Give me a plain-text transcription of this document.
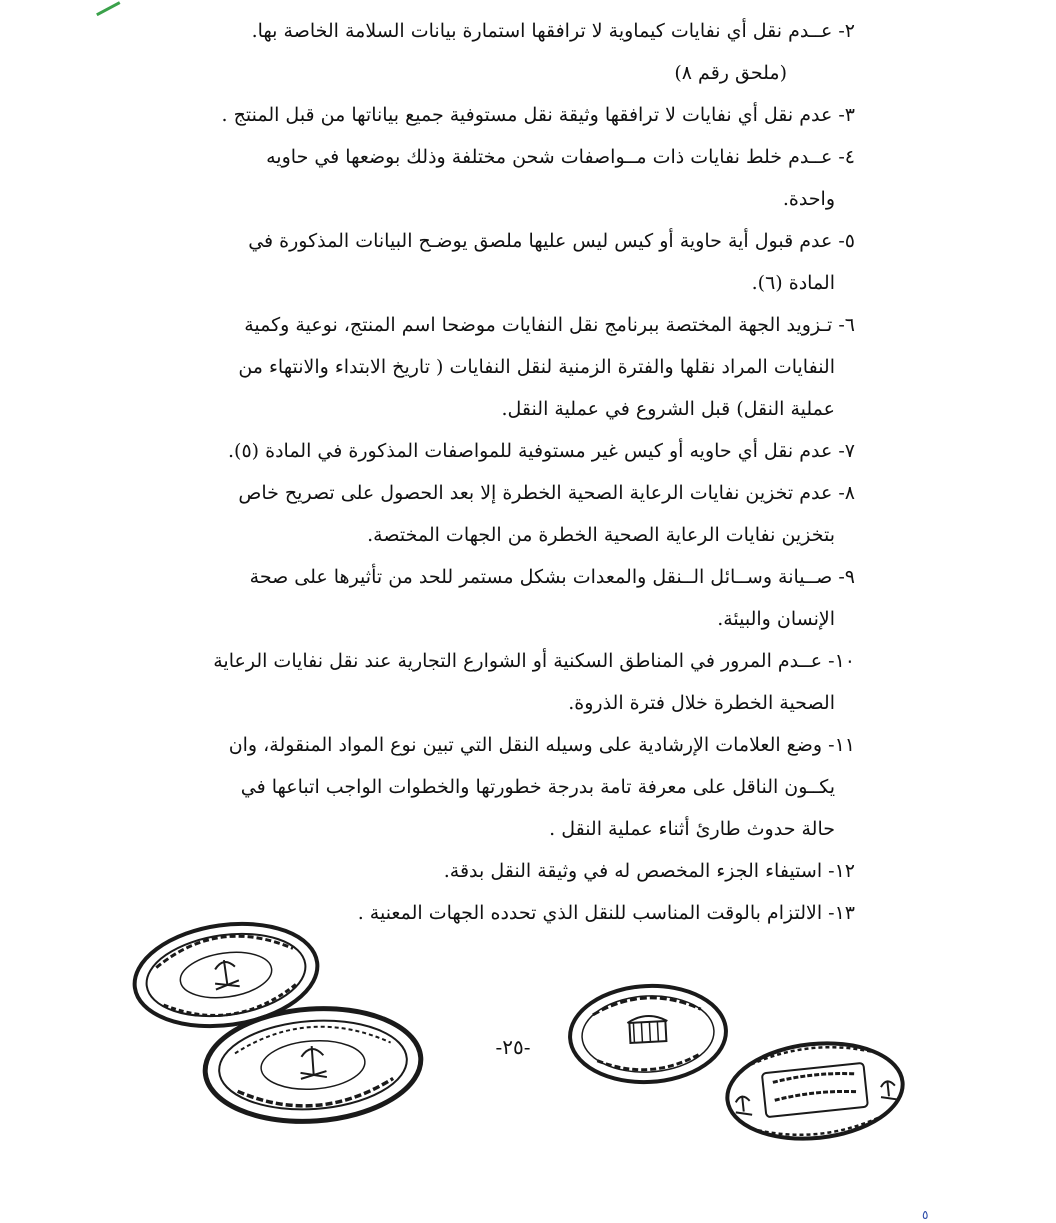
٢- عــدم نقل أي نفايات كيماوية لا ترافقها استمارة بيانات السلامة الخاصة بها.
(ملحق رقم ٨)

٣- عدم نقل أي نفايات لا ترافقها وثيقة نقل مستوفية جميع بياناتها من قبل المنتج .

٤- عــدم خلط نفايات ذات مــواصفات شحن مختلفة وذلك بوضعها في حاويه
واحدة.

٥- عدم قبول أية حاوية أو كيس ليس عليها ملصق يوضـح البيانات المذكورة في
المادة (٦).

٦- تـزويد الجهة المختصة ببرنامج نقل النفايات موضحا اسم المنتج، نوعية وكمية
النفايات المراد نقلها والفترة الزمنية لنقل النفايات ( تاريخ الابتداء والانتهاء من
عملية النقل) قبل الشروع في عملية النقل.

٧- عدم نقل أي حاويه أو كيس غير مستوفية للمواصفات المذكورة في المادة (٥).

٨- عدم تخزين نفايات الرعاية الصحية الخطرة إلا بعد الحصول على تصريح خاص
بتخزين نفايات الرعاية الصحية الخطرة من الجهات المختصة.

٩- صــيانة وســائل الــنقل والمعدات بشكل مستمر للحد من تأثيرها على صحة
الإنسان والبيئة.

١٠- عــدم المرور في المناطق السكنية أو الشوارع التجارية عند نقل نفايات الرعاية
الصحية الخطرة خلال فترة الذروة.

١١- وضع العلامات الإرشادية على وسيله النقل التي تبين نوع المواد المنقولة، وان
يكــون الناقل على معرفة تامة بدرجة خطورتها والخطوات الواجب اتباعها في
حالة حدوث طارئ أثناء عملية النقل .

١٢- استيفاء الجزء المخصص له في وثيقة النقل بدقة.

١٣- الالتزام بالوقت المناسب للنقل الذي تحدده الجهات المعنية .

-٢٥-
٥
